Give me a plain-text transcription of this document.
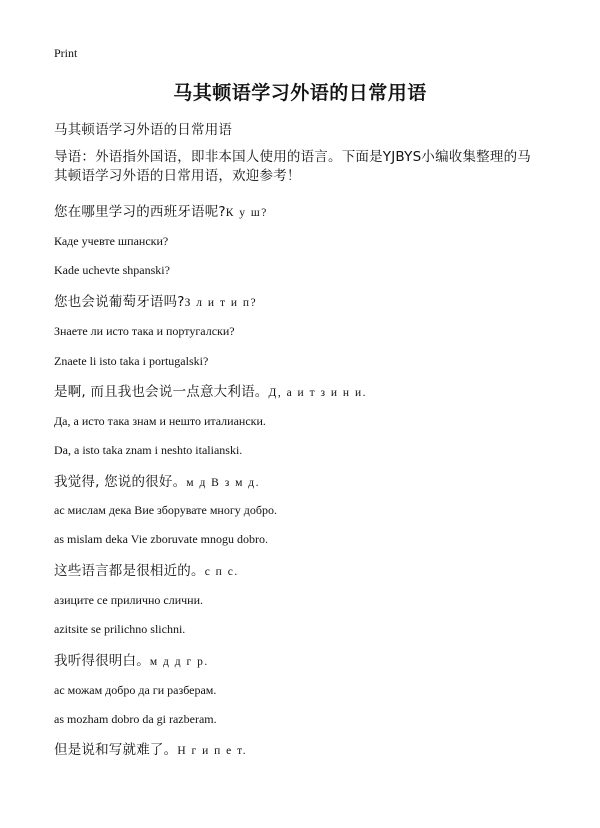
Print
马其顿语学习外语的日常用语
马其顿语学习外语的日常用语
导语：外语指外国语，即非本国人使用的语言。下面是YJBYS小编收集整理的马其顿语学习外语的日常用语，欢迎参考！
您在哪里学习的西班牙语呢?К у ш?
Каде учевте шпански?
Kade uchevte shpanski?
您也会说葡萄牙语吗?З л и т и п?
Знаете ли исто така и португалски?
Znaete li isto taka i portugalski?
是啊, 而且我也会说一点意大利语。Д, а и т з и н и.
Да, а исто така знам и нешто италиански.
Da, a isto taka znam i neshto italianski.
我觉得, 您说的很好。м д В з м д.
ас мислам дека Вие зборувате многу добро.
as mislam deka Vie zboruvate mnogu dobro.
这些语言都是很相近的。с п с.
азиците се прилично слични.
azitsite se prilichno slichni.
我听得很明白。м д д г р.
ас можам добро да ги разберам.
as mozham dobro da gi razberam.
但是说和写就难了。Н г и п е т.
